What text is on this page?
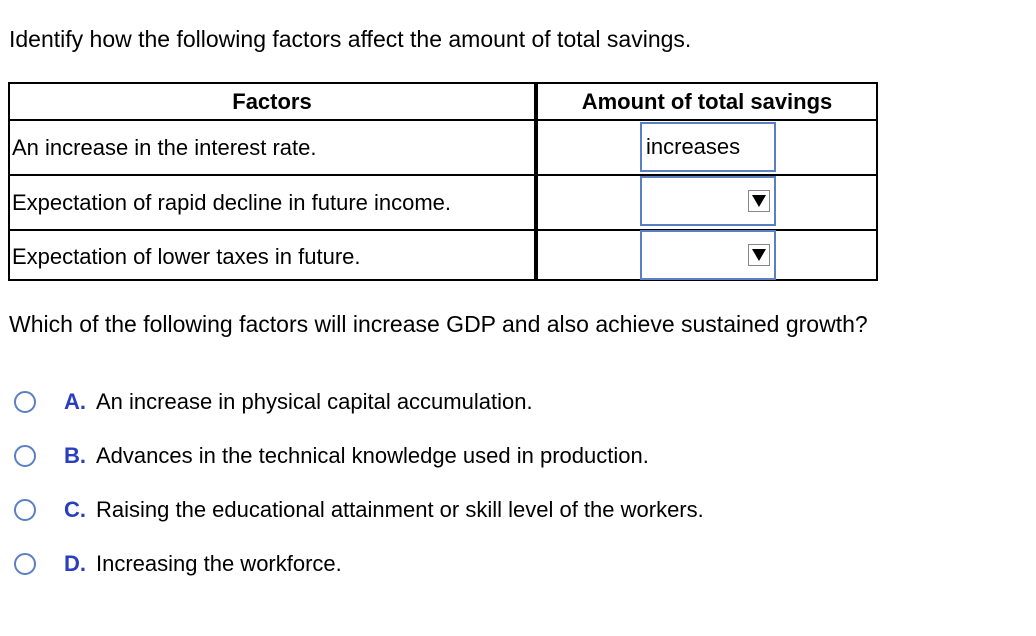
Identify how the following factors affect the amount of total savings.
Factors	Amount of total savings
An increase in the interest rate.
Expectation of rapid decline in future income.
Expectation of lower taxes in future.
increases
Which of the following factors will increase GDP and also achieve sustained growth?
A. An increase in physical capital accumulation.
B. Advances in the technical knowledge used in production.
C. Raising the educational attainment or skill level of the workers.
D. Increasing the workforce.
